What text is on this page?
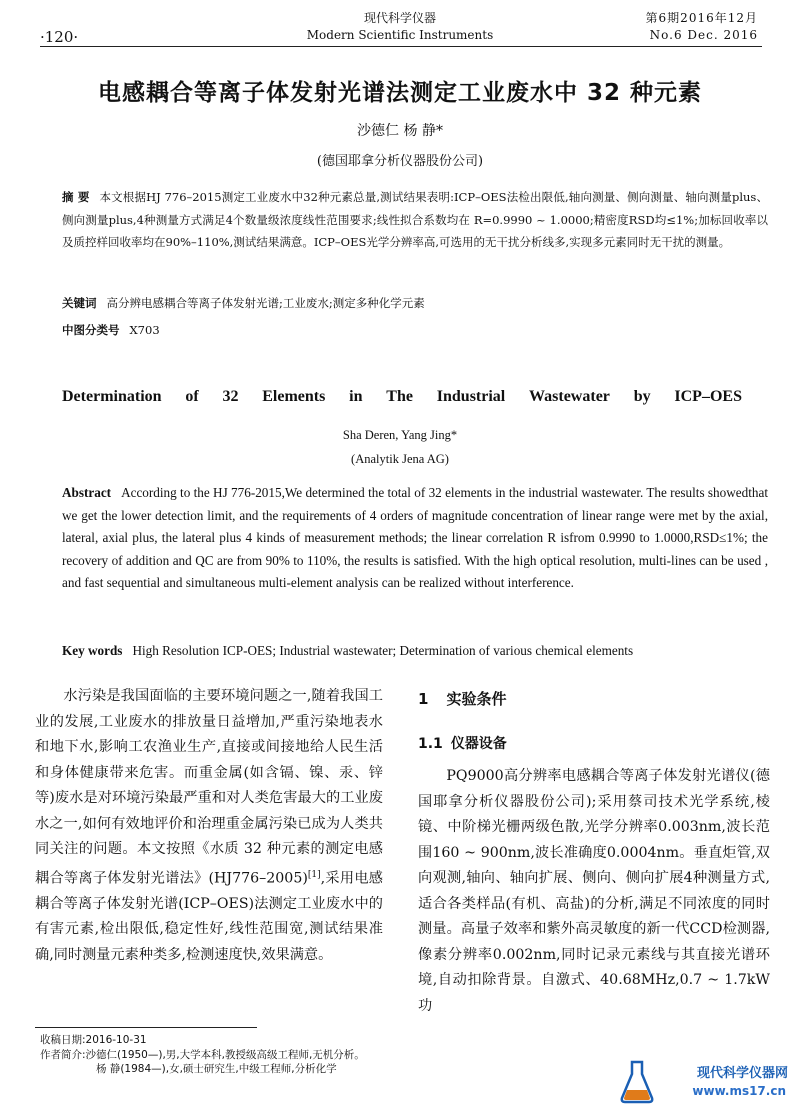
·120·
现代科学仪器
Modern Scientific Instruments
第6期2016年12月
No.6 Dec. 2016
电感耦合等离子体发射光谱法测定工业废水中 32 种元素
沙德仁 杨 静*
(德国耶拿分析仪器股份公司)
摘 要 本文根据HJ 776–2015测定工业废水中32种元素总量,测试结果表明:ICP–OES法检出限低,轴向测量、侧向测量、轴向测量plus、侧向测量plus,4种测量方式满足4个数量级浓度线性范围要求;线性拟合系数均在 R=0.9990 ~ 1.0000;精密度RSD均≤1%;加标回收率以及质控样回收率均在90%–110%,测试结果满意。ICP–OES光学分辨率高,可选用的无干扰分析线多,实现多元素同时无干扰的测量。
关键词 高分辨电感耦合等离子体发射光谱;工业废水;测定多种化学元素
中图分类号 X703
Determination of 32 Elements in The Industrial Wastewater by ICP–OES
Sha Deren, Yang Jing*
(Analytik Jena AG)
Abstract According to the HJ 776-2015,We determined the total of 32 elements in the industrial wastewater. The results showedthat we get the lower detection limit, and the requirements of 4 orders of magnitude concentration of linear range were met by the axial, lateral, axial plus, the lateral plus 4 kinds of measurement methods; the linear correlation R isfrom 0.9990 to 1.0000,RSD≤1%; the recovery of addition and QC are from 90% to 110%, the results is satisfied. With the high optical resolution, multi-lines can be used , and fast sequential and simultaneous multi-element analysis can be realized without interference.
Key words High Resolution ICP-OES; Industrial wastewater; Determination of various chemical elements
水污染是我国面临的主要环境问题之一,随着我国工业的发展,工业废水的排放量日益增加,严重污染地表水和地下水,影响工农渔业生产,直接或间接地给人民生活和身体健康带来危害。而重金属(如含镉、镍、汞、锌等)废水是对环境污染最严重和对人类危害最大的工业废水之一,如何有效地评价和治理重金属污染已成为人类共同关注的问题。本文按照《水质 32 种元素的测定电感耦合等离子体发射光谱法》(HJ776–2005)[1],采用电感耦合等离子体发射光谱(ICP–OES)法测定工业废水中的有害元素,检出限低,稳定性好,线性范围宽,测试结果准确,同时测量元素种类多,检测速度快,效果满意。
1 实验条件
1.1 仪器设备
PQ9000高分辨率电感耦合等离子体发射光谱仪(德国耶拿分析仪器股份公司);采用蔡司技术光学系统,棱镜、中阶梯光栅两级色散,光学分辨率0.003nm,波长范围160 ~ 900nm,波长准确度0.0004nm。垂直炬管,双向观测,轴向、轴向扩展、侧向、侧向扩展4种测量方式,适合各类样品(有机、高盐)的分析,满足不同浓度的同时测量。高量子效率和紫外高灵敏度的新一代CCD检测器,像素分辨率0.002nm,同时记录元素线与其直接光谱环境,自动扣除背景。自激式、40.68MHz,0.7 ~ 1.7kW功
收稿日期:2016-10-31
作者简介:沙德仁(1950—),男,大学本科,教授级高级工程师,无机分析。
杨 静(1984—),女,硕士研究生,中级工程师,分析化学	现代科学仪器网
www.ms17.cn
